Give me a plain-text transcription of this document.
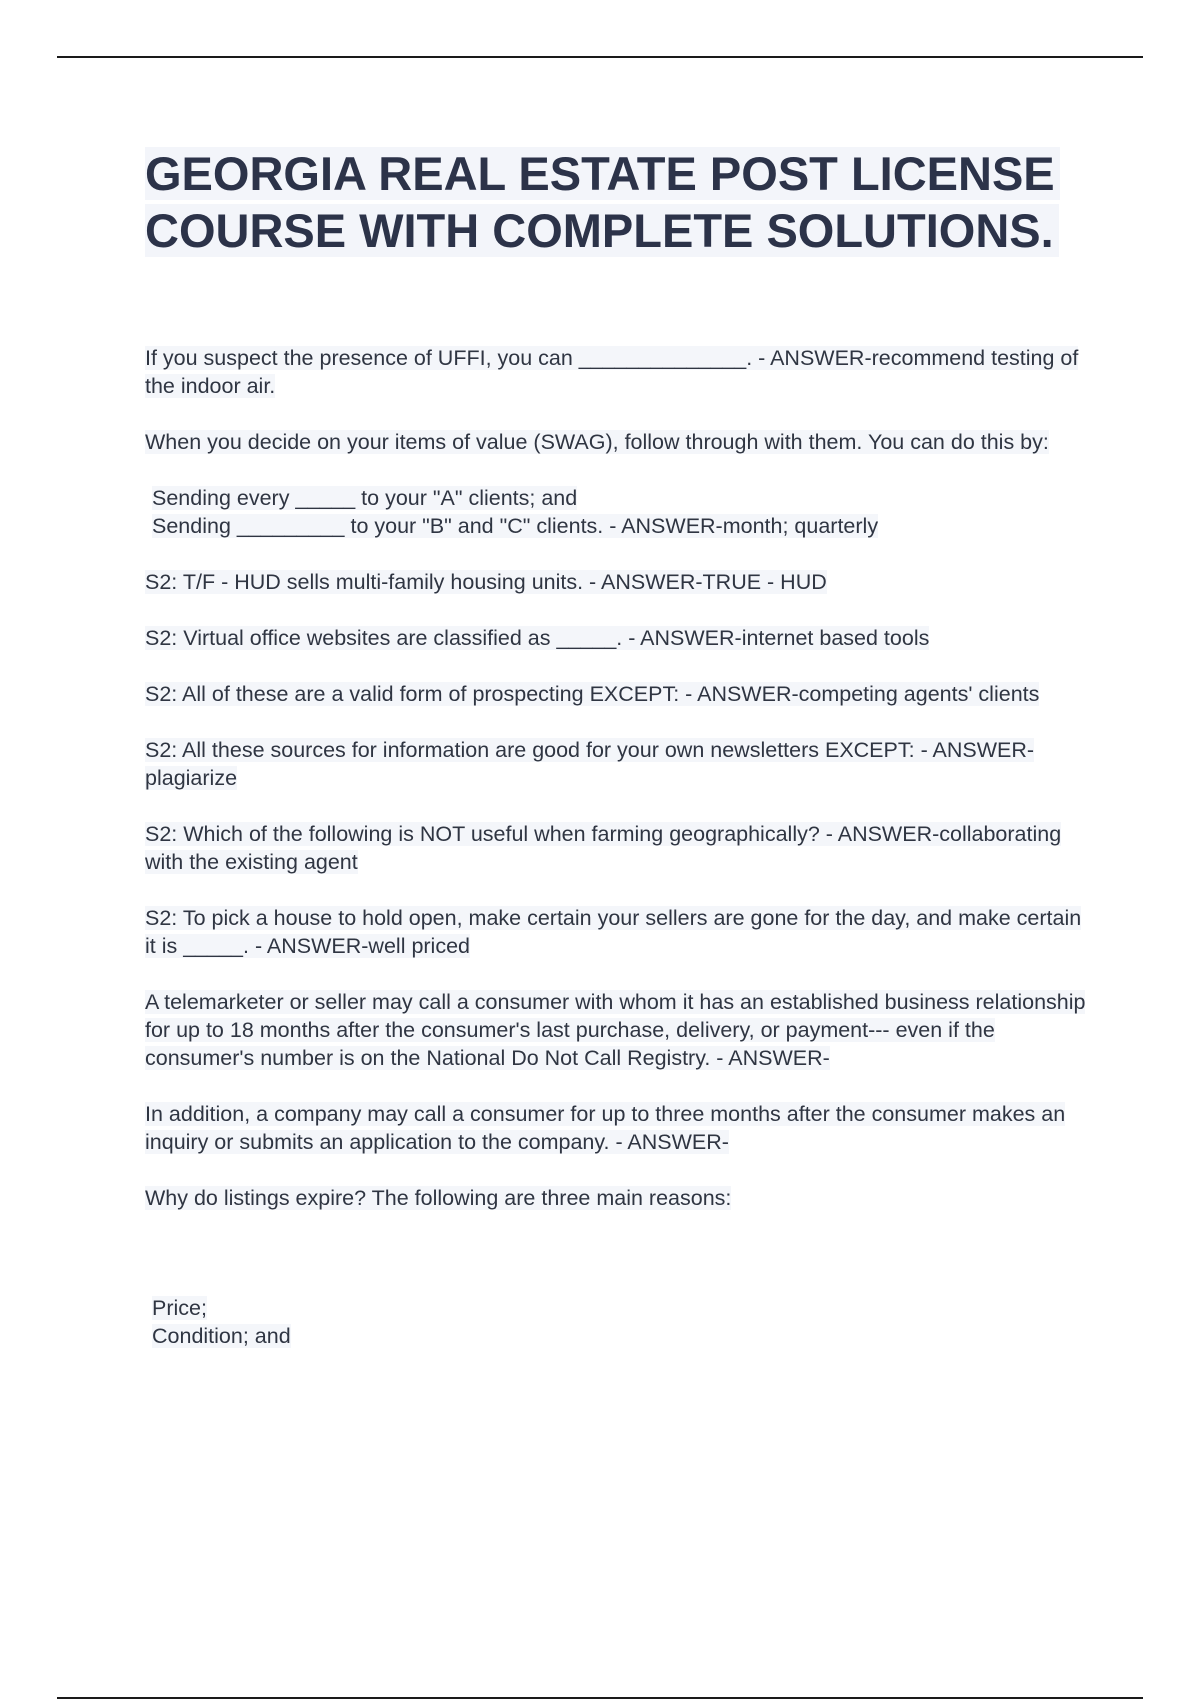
GEORGIA REAL ESTATE POST LICENSE COURSE WITH COMPLETE SOLUTIONS.

If you suspect the presence of UFFI, you can ______________. - ANSWER-recommend testing of the indoor air.

When you decide on your items of value (SWAG), follow through with them. You can do this by:

Sending every _____ to your "A" clients; and
Sending _________ to your "B" and "C" clients. - ANSWER-month; quarterly

S2: T/F - HUD sells multi-family housing units. - ANSWER-TRUE - HUD

S2: Virtual office websites are classified as _____. - ANSWER-internet based tools

S2: All of these are a valid form of prospecting EXCEPT: - ANSWER-competing agents' clients

S2: All these sources for information are good for your own newsletters EXCEPT: - ANSWER-plagiarize

S2: Which of the following is NOT useful when farming geographically? - ANSWER-collaborating with the existing agent

S2: To pick a house to hold open, make certain your sellers are gone for the day, and make certain it is _____. - ANSWER-well priced

A telemarketer or seller may call a consumer with whom it has an established business relationship for up to 18 months after the consumer's last purchase, delivery, or payment--- even if the consumer's number is on the National Do Not Call Registry. - ANSWER-

In addition, a company may call a consumer for up to three months after the consumer makes an inquiry or submits an application to the company. - ANSWER-

Why do listings expire? The following are three main reasons:

Price;
Condition; and
